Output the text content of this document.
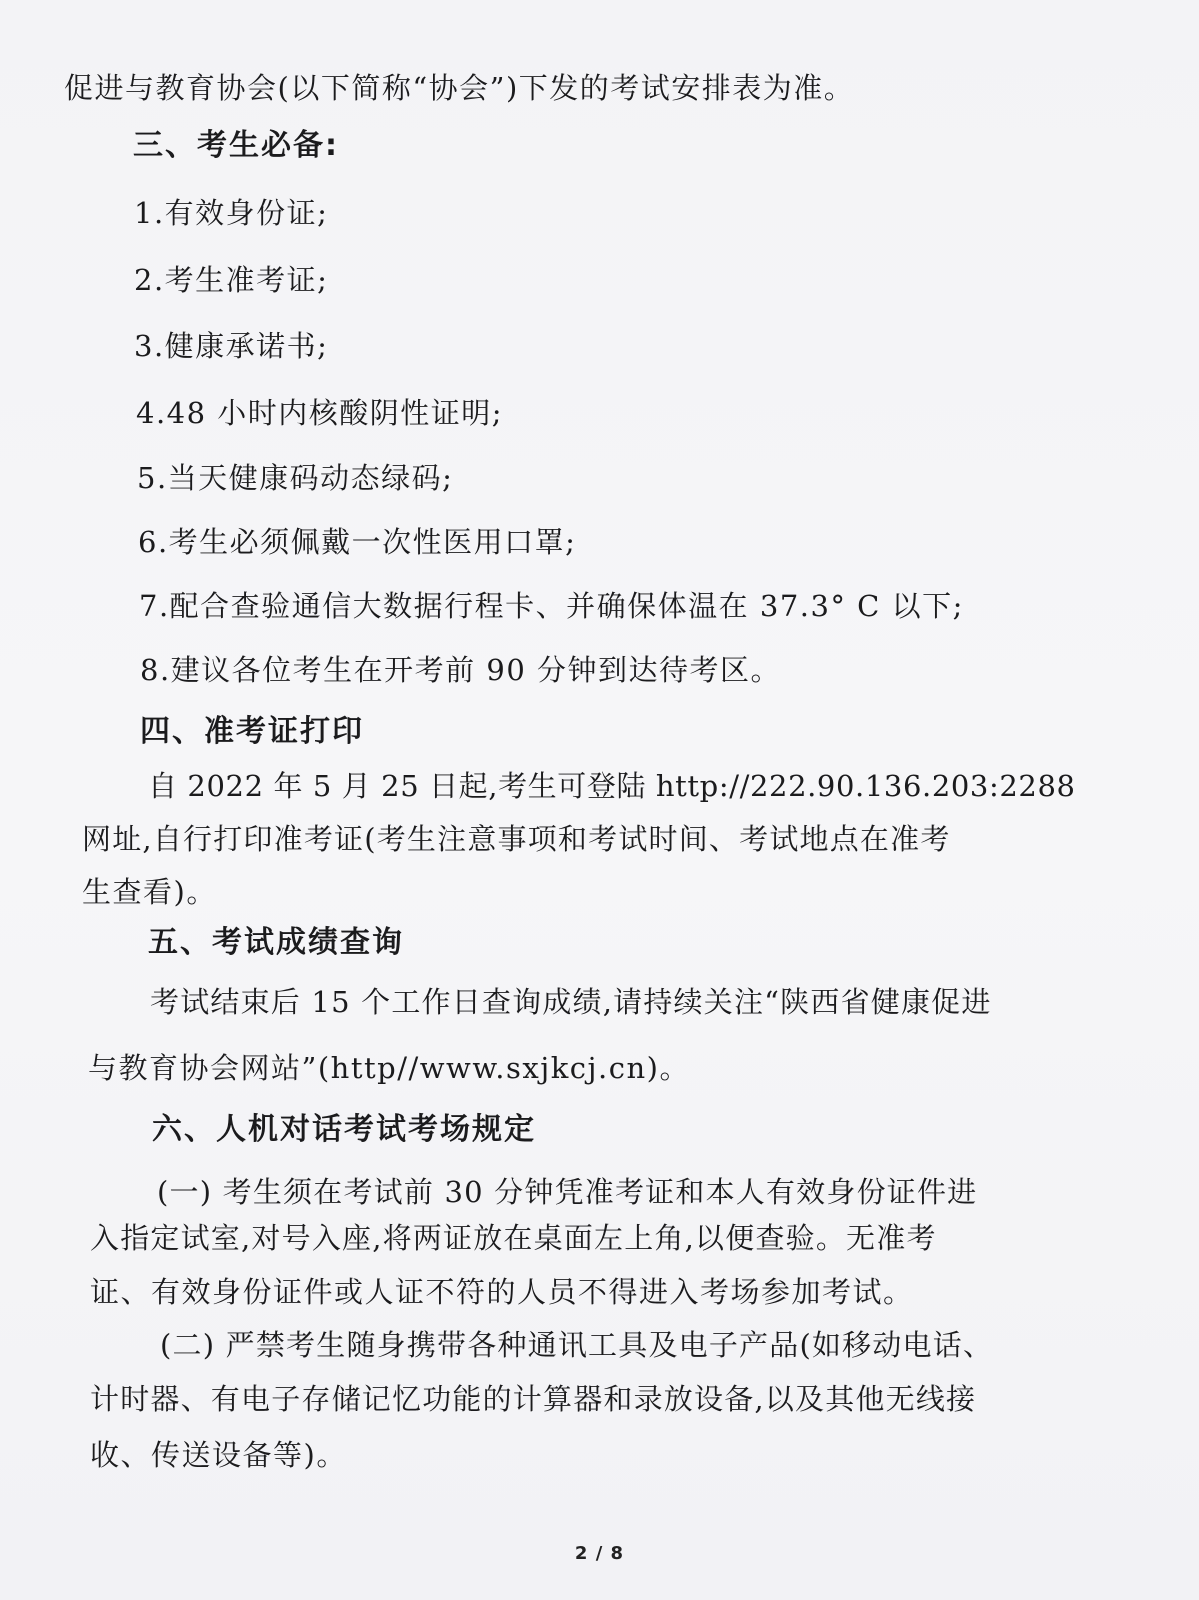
促进与教育协会(以下简称“协会”)下发的考试安排表为准。
三、考生必备:
1.有效身份证;
2.考生准考证;
3.健康承诺书;
4.48 小时内核酸阴性证明;
5.当天健康码动态绿码;
6.考生必须佩戴一次性医用口罩;
7.配合查验通信大数据行程卡、并确保体温在 37.3° C 以下;
8.建议各位考生在开考前 90 分钟到达待考区。
四、准考证打印
自 2022 年 5 月 25 日起,考生可登陆 http://222.90.136.203:2288
网址,自行打印准考证(考生注意事项和考试时间、考试地点在准考
生查看)。
五、考试成绩查询
考试结束后 15 个工作日查询成绩,请持续关注“陕西省健康促进
与教育协会网站”(http//www.sxjkcj.cn)。
六、人机对话考试考场规定
(一) 考生须在考试前 30 分钟凭准考证和本人有效身份证件进
入指定试室,对号入座,将两证放在桌面左上角,以便查验。无准考
证、有效身份证件或人证不符的人员不得进入考场参加考试。
(二) 严禁考生随身携带各种通讯工具及电子产品(如移动电话、
计时器、有电子存储记忆功能的计算器和录放设备,以及其他无线接
收、传送设备等)。
2 / 8
